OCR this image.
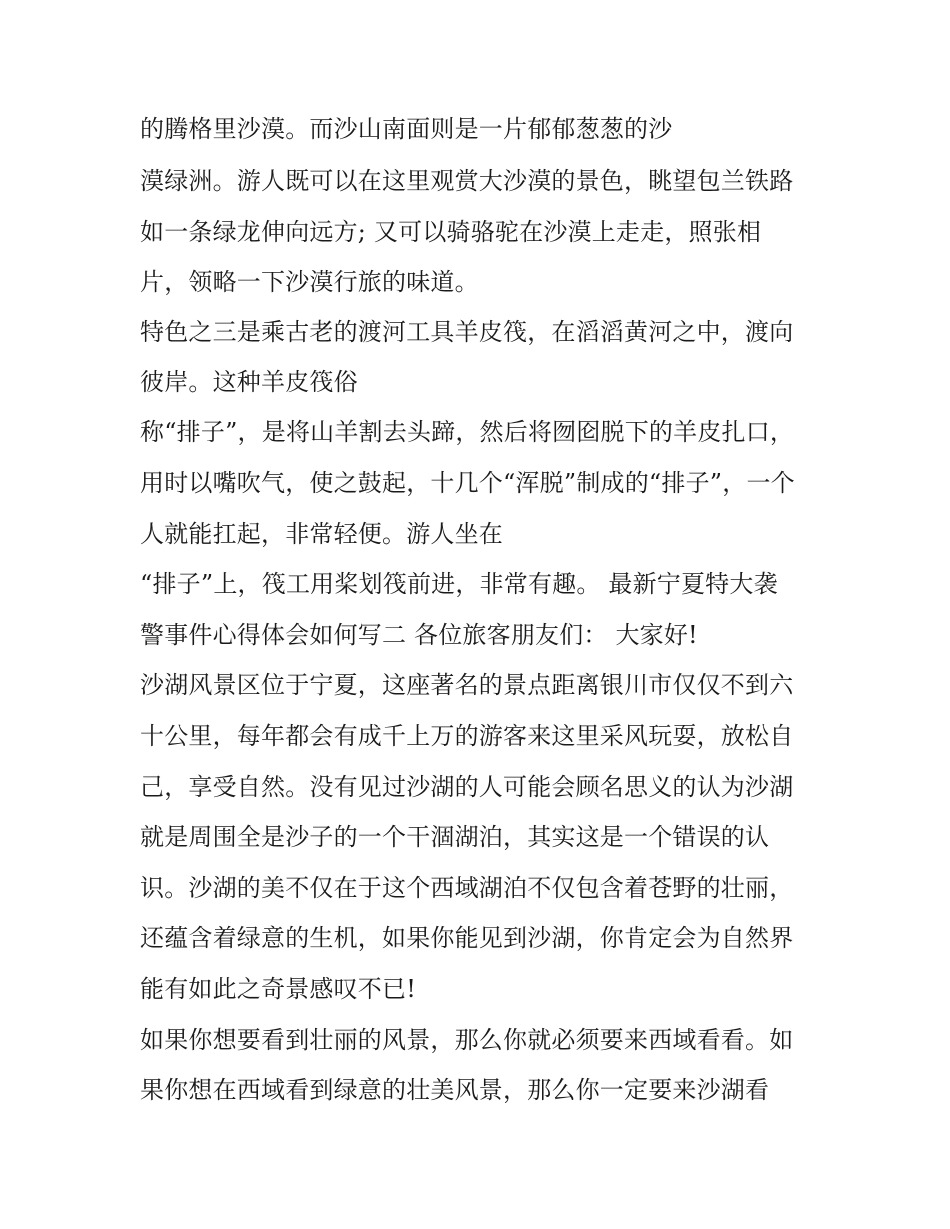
的腾格里沙漠。而沙山南面则是一片郁郁葱葱的沙

漠绿洲。游人既可以在这里观赏大沙漠的景色，眺望包兰铁路

如一条绿龙伸向远方; 又可以骑骆驼在沙漠上走走，照张相

片，领略一下沙漠行旅的味道。

特色之三是乘古老的渡河工具羊皮筏，在滔滔黄河之中，渡向

彼岸。这种羊皮筏俗

称“排子”，是将山羊割去头蹄，然后将囫囵脱下的羊皮扎口，

用时以嘴吹气，使之鼓起，十几个“浑脱”制成的“排子”，一个

人就能扛起，非常轻便。游人坐在

“排子”上，筏工用桨划筏前进，非常有趣。 最新宁夏特大袭

警事件心得体会如何写二 各位旅客朋友们： 大家好!

沙湖风景区位于宁夏，这座著名的景点距离银川市仅仅不到六

十公里，每年都会有成千上万的游客来这里采风玩耍，放松自

己，享受自然。没有见过沙湖的人可能会顾名思义的认为沙湖

就是周围全是沙子的一个干涸湖泊，其实这是一个错误的认

识。沙湖的美不仅在于这个西域湖泊不仅包含着苍野的壮丽，

还蕴含着绿意的生机，如果你能见到沙湖，你肯定会为自然界

能有如此之奇景感叹不已!

如果你想要看到壮丽的风景，那么你就必须要来西域看看。如

果你想在西域看到绿意的壮美风景，那么你一定要来沙湖看
